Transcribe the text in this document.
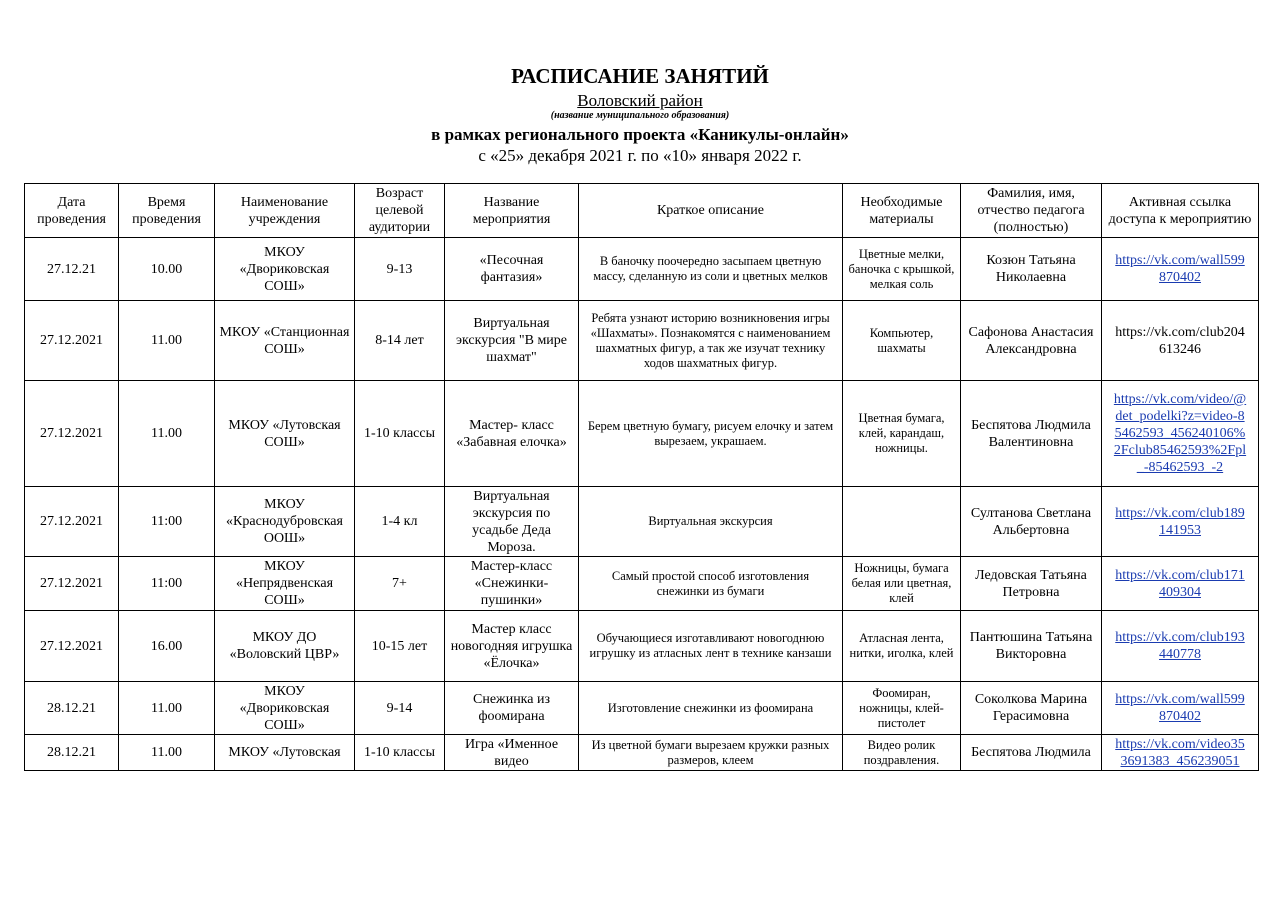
РАСПИСАНИЕ ЗАНЯТИЙ
Воловский район
(название муниципального образования)
в рамках регионального проекта «Каникулы-онлайн»
с «25» декабря 2021 г. по «10» января 2022 г.
Дата проведения	Время проведения	Наименование учреждения	Возраст целевой аудитории	Название мероприятия	Краткое описание	Необходимые материалы	Фамилия, имя, отчество педагога (полностью)	Активная ссылка доступа к мероприятию
27.12.21	10.00	МКОУ «Двориковская СОШ»	9-13	«Песочная фантазия»	В баночку поочередно засыпаем цветную массу, сделанную из соли и цветных мелков	Цветные мелки, баночка с крышкой, мелкая соль	Козюн Татьяна Николаевна	https://vk.com/wall599870402
27.12.2021	11.00	МКОУ «Станционная СОШ»	8-14 лет	Виртуальная экскурсия "В мире шахмат"	Ребята узнают историю возникновения игры «Шахматы». Познакомятся с наименованием шахматных фигур, а так же изучат технику ходов шахматных фигур.	Компьютер, шахматы	Сафонова Анастасия Александровна	https://vk.com/club204613246
27.12.2021	11.00	МКОУ «Лутовская СОШ»	1-10 классы	Мастер- класс «Забавная елочка»	Берем цветную бумагу, рисуем елочку и затем вырезаем, украшаем.	Цветная бумага, клей, карандаш, ножницы.	Беспятова Людмила Валентиновна	https://vk.com/video/@det_podelki?z=video-85462593_456240106%2Fclub85462593%2Fpl_-85462593_-2
27.12.2021	11:00	МКОУ «Краснодубровская ООШ»	1-4 кл	Виртуальная экскурсия по усадьбе Деда Мороза.	Виртуальная экскурсия		Султанова Светлана Альбертовна	https://vk.com/club189141953
27.12.2021	11:00	МКОУ «Непрядвенская СОШ»	7+	Мастер-класс «Снежинки-пушинки»	Самый простой способ изготовления снежинки из бумаги	Ножницы, бумага белая или цветная, клей	Ледовская Татьяна Петровна	https://vk.com/club171409304
27.12.2021	16.00	МКОУ ДО «Воловский ЦВР»	10-15 лет	Мастер класс новогодняя игрушка «Ёлочка»	Обучающиеся изготавливают новогоднюю игрушку из атласных лент в технике канзаши	Атласная лента, нитки, иголка, клей	Пантюшина Татьяна Викторовна	https://vk.com/club193440778
28.12.21	11.00	МКОУ «Двориковская СОШ»	9-14	Снежинка из фоомирана	Изготовление снежинки из фоомирана	Фоомиран, ножницы, клей-пистолет	Соколкова Марина Герасимовна	https://vk.com/wall599870402
28.12.21	11.00	МКОУ «Лутовская	1-10 классы	Игра «Именное видео	Из цветной бумаги вырезаем кружки разных размеров, клеем	Видео ролик поздравления.	Беспятова Людмила	https://vk.com/video353691383_456239051
